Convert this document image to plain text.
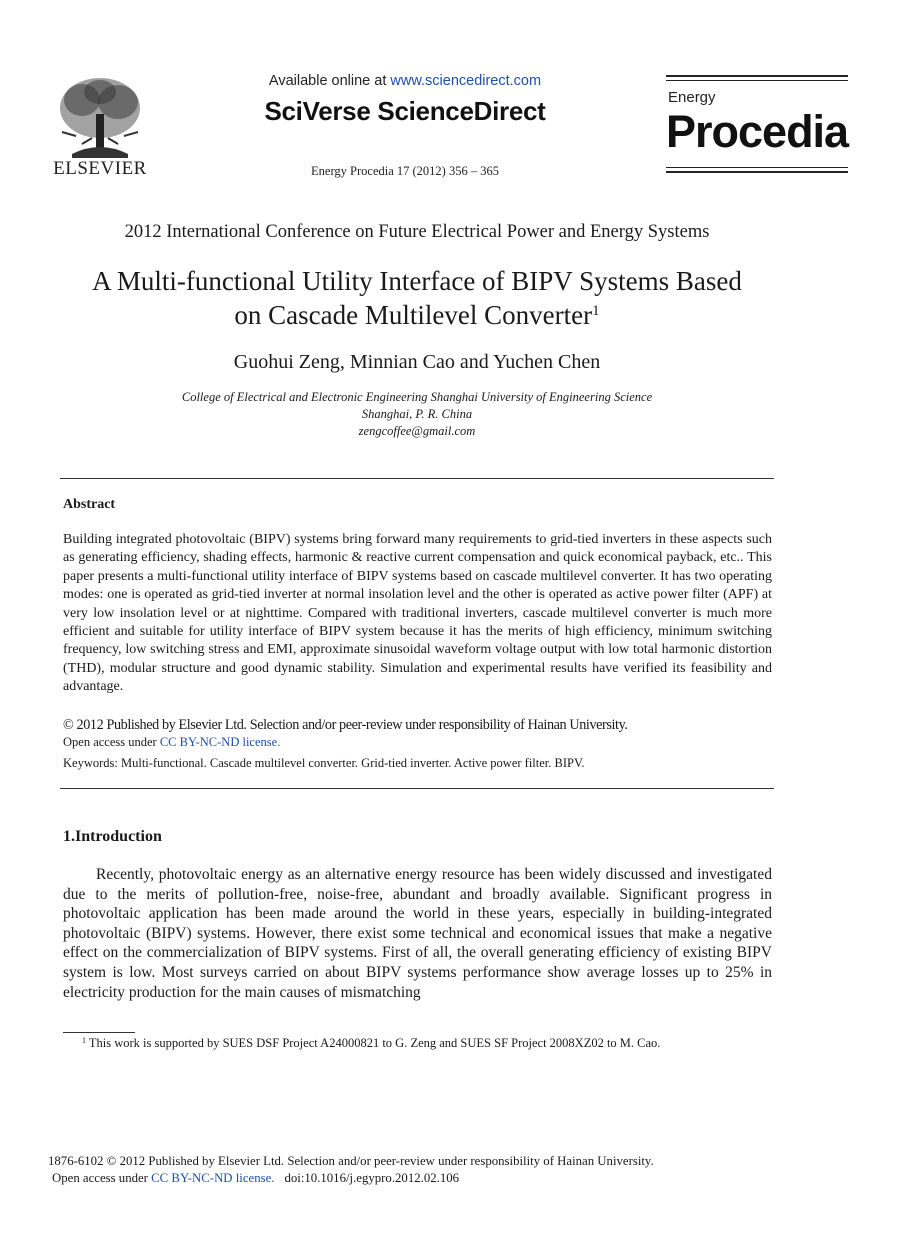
ELSEVIER
Available online at www.sciencedirect.com
SciVerse ScienceDirect
Energy Procedia 17 (2012) 356 – 365
Energy
Procedia
2012 International Conference on Future Electrical Power and Energy Systems
A Multi-functional Utility Interface of BIPV Systems Based
on Cascade Multilevel Converter$^1$
Guohui Zeng, Minnian Cao and Yuchen Chen
College of Electrical and Electronic Engineering Shanghai University of Engineering Science
Shanghai, P. R. China
zengcoffee@gmail.com
Abstract
Building integrated photovoltaic (BIPV) systems bring forward many requirements to grid-tied inverters in these aspects such as generating efficiency, shading effects, harmonic & reactive current compensation and quick economical payback, etc.. This paper presents a multi-functional utility interface of BIPV systems based on cascade multilevel converter. It has two operating modes: one is operated as grid-tied inverter at normal insolation level and the other is operated as active power filter (APF) at very low insolation level or at nighttime. Compared with traditional inverters, cascade multilevel converter is much more efficient and suitable for utility interface of BIPV system because it has the merits of high efficiency, minimum switching frequency, low switching stress and EMI, approximate sinusoidal waveform voltage output with low total harmonic distortion (THD), modular structure and good dynamic stability. Simulation and experimental results have verified its feasibility and advantage.
© 2012 Published by Elsevier Ltd. Selection and/or peer-review under responsibility of Hainan University.
Open access under CC BY-NC-ND license.
Keywords: Multi-functional. Cascade multilevel converter. Grid-tied inverter. Active power filter. BIPV.
1.Introduction
Recently, photovoltaic energy as an alternative energy resource has been widely discussed and investigated due to the merits of pollution-free, noise-free, abundant and broadly available. Significant progress in photovoltaic application has been made around the world in these years, especially in building-integrated photovoltaic (BIPV) systems. However, there exist some technical and economical issues that make a negative effect on the commercialization of BIPV systems. First of all, the overall generating efficiency of existing BIPV system is low. Most surveys carried on about BIPV systems performance show average losses up to 25% in electricity production for the main causes of mismatching
$^1$ This work is supported by SUES DSF Project A24000821 to G. Zeng and SUES SF Project 2008XZ02 to M. Cao.
1876-6102 © 2012 Published by Elsevier Ltd. Selection and/or peer-review under responsibility of Hainan University.
Open access under CC BY-NC-ND license. doi:10.1016/j.egypro.2012.02.106
